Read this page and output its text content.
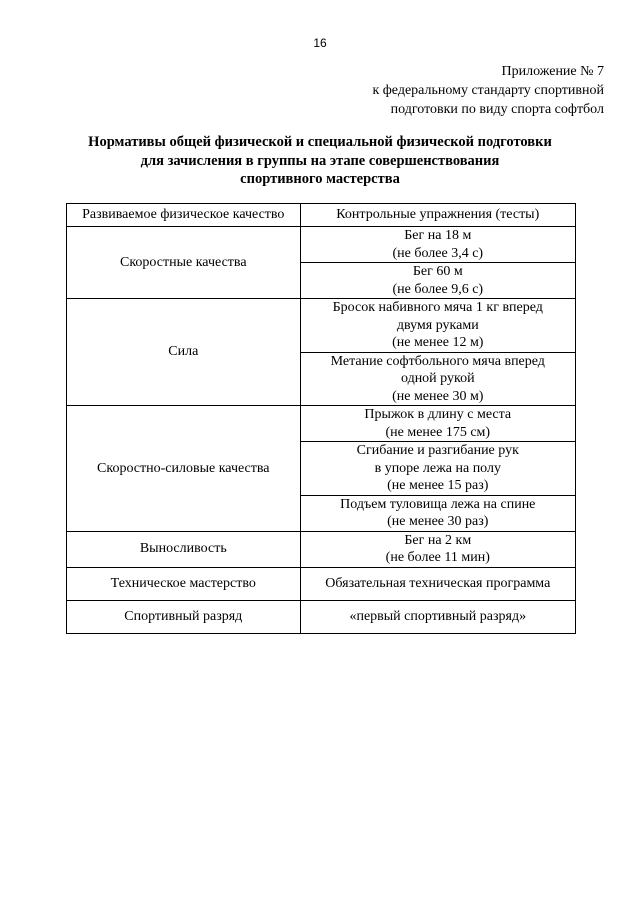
16
Приложение № 7
к федеральному стандарту спортивной
подготовки по виду спорта софтбол
Нормативы общей физической и специальной физической подготовки
для зачисления в группы на этапе совершенствования
спортивного мастерства
Развиваемое физическое качество	Контрольные упражнения (тесты)
Скоростные качества	Бег на 18 м
(не более 3,4 с)

	Бег 60 м
(не более 9,6 с)

Сила	Бросок набивного мяча 1 кг вперед
двумя руками
(не менее 12 м)

	Метание софтбольного мяча вперед
одной рукой
(не менее 30 м)

Скоростно-силовые качества	Прыжок в длину с места
(не менее 175 см)

	Сгибание и разгибание рук
в упоре лежа на полу
(не менее 15 раз)

	Подъем туловища лежа на спине
(не менее 30 раз)

Выносливость	Бег на 2 км
(не более 11 мин)

Техническое мастерство	Обязательная техническая программа

Спортивный разряд	«первый спортивный разряд»
